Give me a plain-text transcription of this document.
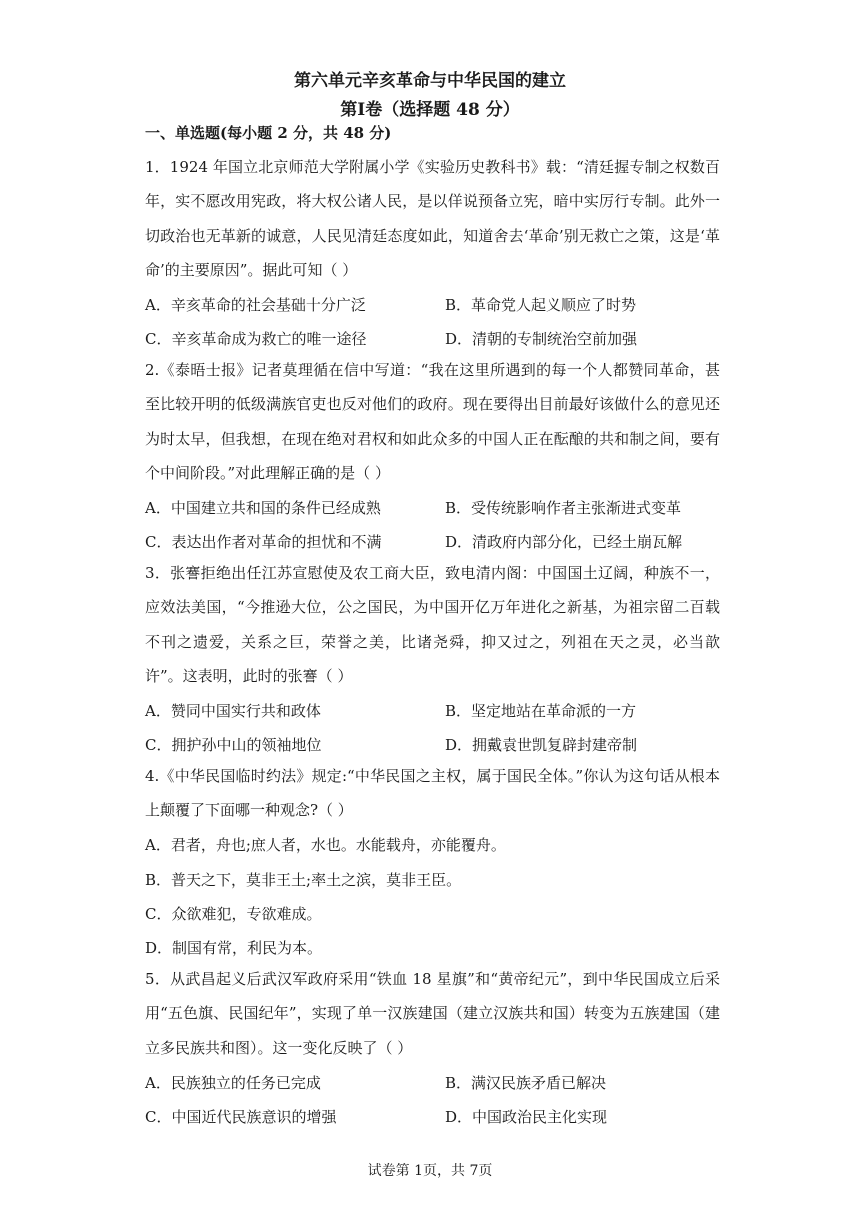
第六单元辛亥革命与中华民国的建立
第Ⅰ卷（选择题 48 分）
一、单选题(每小题 2 分，共 48 分)
1．1924 年国立北京师范大学附属小学《实验历史教科书》载：“清廷握专制之权数百年，实不愿改用宪政，将大权公诸人民，是以佯说预备立宪，暗中实厉行专制。此外一切政治也无革新的诚意，人民见清廷态度如此，知道舍去‘革命’别无救亡之策，这是‘革命’的主要原因”。据此可知（ ）
A．辛亥革命的社会基础十分广泛	B．革命党人起义顺应了时势
C．辛亥革命成为救亡的唯一途径	D．清朝的专制统治空前加强
2.《泰晤士报》记者莫理循在信中写道：“我在这里所遇到的每一个人都赞同革命，甚至比较开明的低级满族官吏也反对他们的政府。现在要得出目前最好该做什么的意见还为时太早，但我想，在现在绝对君权和如此众多的中国人正在酝酿的共和制之间，要有个中间阶段。”对此理解正确的是（ ）
A．中国建立共和国的条件已经成熟	B．受传统影响作者主张渐进式变革
C．表达出作者对革命的担忧和不满	D．清政府内部分化，已经土崩瓦解
3．张謇拒绝出任江苏宣慰使及农工商大臣，致电清内阁：中国国土辽阔，种族不一，应效法美国，“今推逊大位，公之国民，为中国开亿万年进化之新基，为祖宗留二百载不刊之遗爱，关系之巨，荣誉之美，比诸尧舜，抑又过之，列祖在天之灵，必当歆许”。这表明，此时的张謇（ ）
A．赞同中国实行共和政体	B．坚定地站在革命派的一方
C．拥护孙中山的领袖地位	D．拥戴袁世凯复辟封建帝制
4.《中华民国临时约法》规定:“中华民国之主权，属于国民全体。”你认为这句话从根本上颠覆了下面哪一种观念?（ ）
A．君者，舟也;庶人者，水也。水能载舟，亦能覆舟。
B．普天之下，莫非王土;率土之滨，莫非王臣。
C．众欲难犯，专欲难成。
D．制国有常，利民为本。
5．从武昌起义后武汉军政府采用“铁血 18 星旗”和“黄帝纪元”，到中华民国成立后采用“五色旗、民国纪年”，实现了单一汉族建国（建立汉族共和国）转变为五族建国（建立多民族共和图）。这一变化反映了（ ）
A．民族独立的任务已完成	B．满汉民族矛盾已解决
C．中国近代民族意识的增强	D．中国政治民主化实现
试卷第 1页，共 7页
